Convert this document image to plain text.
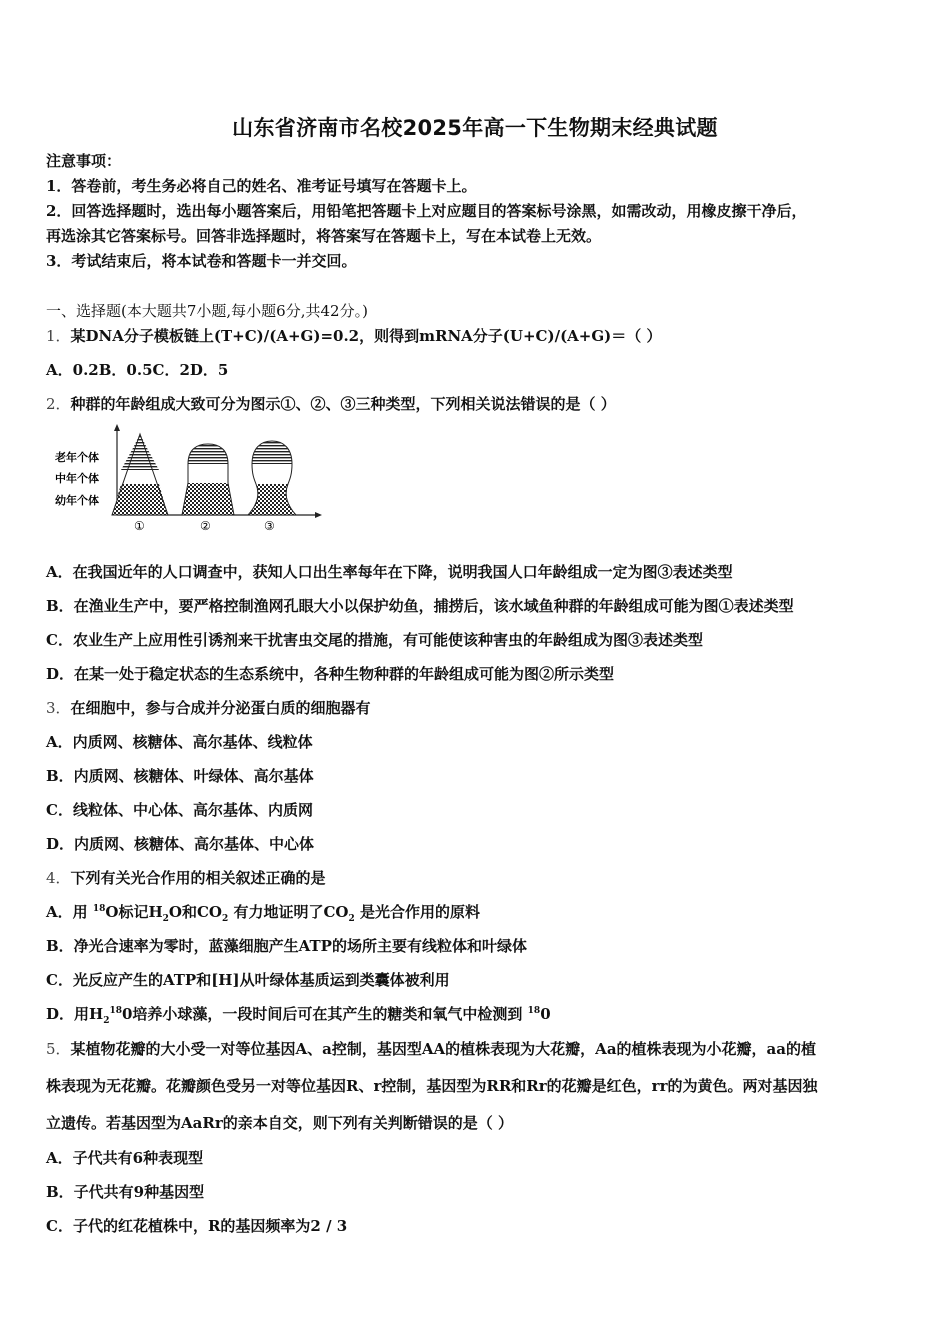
山东省济南市名校2025年高一下生物期末经典试题
注意事项：
1．答卷前，考生务必将自己的姓名、准考证号填写在答题卡上。
2．回答选择题时，选出每小题答案后，用铅笔把答题卡上对应题目的答案标号涂黑，如需改动，用橡皮擦干净后，
再选涂其它答案标号。回答非选择题时，将答案写在答题卡上，写在本试卷上无效。
3．考试结束后，将本试卷和答题卡一并交回。
一、选择题(本大题共7小题,每小题6分,共42分。)
1．某DNA分子模板链上(T+C)/(A+G)=0.2，则得到mRNA分子(U+C)/(A+G)＝（ ）
A．0.2B．0.5C．2D．5
2．种群的年龄组成大致可分为图示①、②、③三种类型，下列相关说法错误的是（ ）
老年个体
中年个体
幼年个体
①	②	③
A．在我国近年的人口调查中，获知人口出生率每年在下降，说明我国人口年龄组成一定为图③表述类型
B．在渔业生产中，要严格控制渔网孔眼大小以保护幼鱼，捕捞后，该水域鱼种群的年龄组成可能为图①表述类型
C．农业生产上应用性引诱剂来干扰害虫交尾的措施，有可能使该种害虫的年龄组成为图③表述类型
D．在某一处于稳定状态的生态系统中，各种生物种群的年龄组成可能为图②所示类型
3．在细胞中，参与合成并分泌蛋白质的细胞器有
A．内质网、核糖体、高尔基体、线粒体
B．内质网、核糖体、叶绿体、高尔基体
C．线粒体、中心体、高尔基体、内质网
D．内质网、核糖体、高尔基体、中心体
4．下列有关光合作用的相关叙述正确的是
A．用 $^{18}$O标记$H_2O$和$CO_2$ 有力地证明了$CO_2$ 是光合作用的原料
B．净光合速率为零时，蓝藻细胞产生ATP的场所主要有线粒体和叶绿体
C．光反应产生的ATP和[H]从叶绿体基质运到类囊体被利用
D．用$H_2^{18}0$培养小球藻，一段时间后可在其产生的糖类和氧气中检测到 $^{18}$0
5．某植物花瓣的大小受一对等位基因A、a控制，基因型AA的植株表现为大花瓣，Aa的植株表现为小花瓣，aa的植
株表现为无花瓣。花瓣颜色受另一对等位基因R、r控制，基因型为RR和Rr的花瓣是红色，rr的为黄色。两对基因独
立遗传。若基因型为AaRr的亲本自交，则下列有关判断错误的是（ ）
A．子代共有6种表现型
B．子代共有9种基因型
C．子代的红花植株中，R的基因频率为2 / 3
